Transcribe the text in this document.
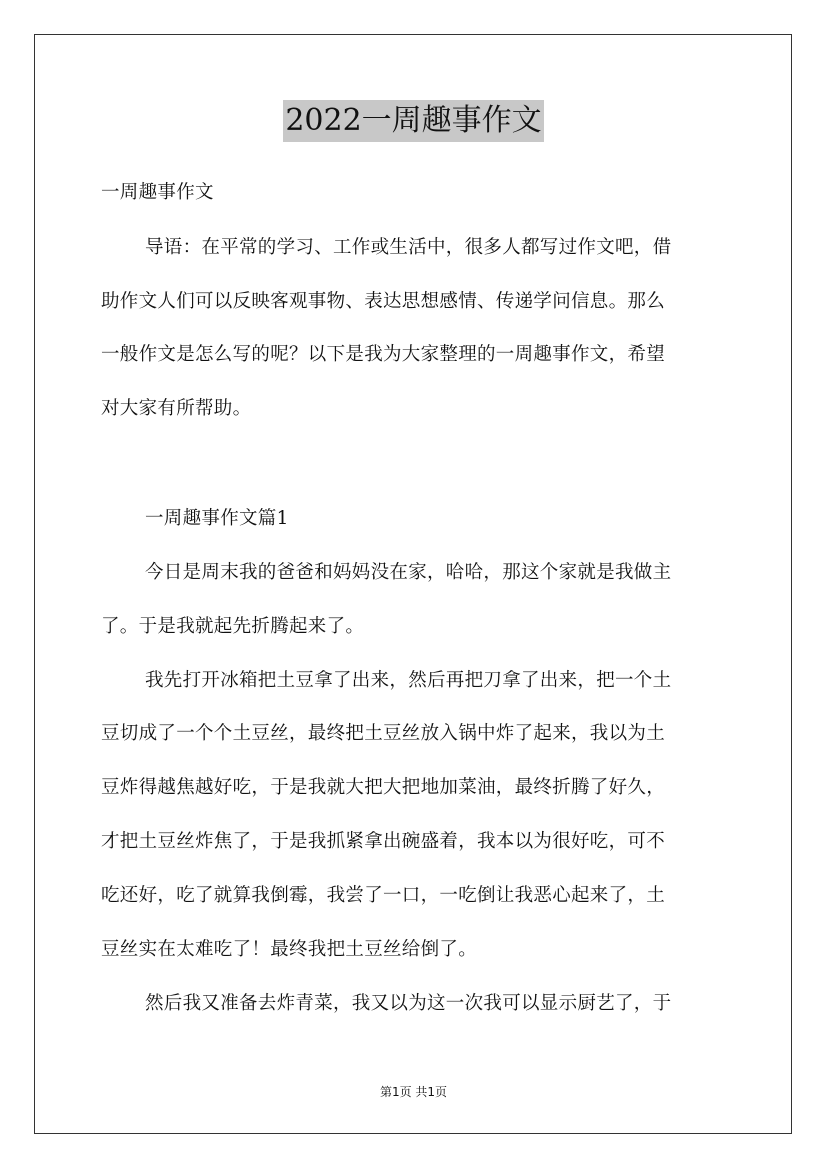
2022一周趣事作文
一周趣事作文
导语：在平常的学习、工作或生活中，很多人都写过作文吧，借
助作文人们可以反映客观事物、表达思想感情、传递学问信息。那么
一般作文是怎么写的呢？以下是我为大家整理的一周趣事作文，希望
对大家有所帮助。
一周趣事作文篇1
今日是周末我的爸爸和妈妈没在家，哈哈，那这个家就是我做主
了。于是我就起先折腾起来了。
我先打开冰箱把土豆拿了出来，然后再把刀拿了出来，把一个土
豆切成了一个个土豆丝，最终把土豆丝放入锅中炸了起来，我以为土
豆炸得越焦越好吃，于是我就大把大把地加菜油，最终折腾了好久，
才把土豆丝炸焦了，于是我抓紧拿出碗盛着，我本以为很好吃，可不
吃还好，吃了就算我倒霉，我尝了一口，一吃倒让我恶心起来了，土
豆丝实在太难吃了！最终我把土豆丝给倒了。
然后我又准备去炸青菜，我又以为这一次我可以显示厨艺了，于
第1页 共1页
